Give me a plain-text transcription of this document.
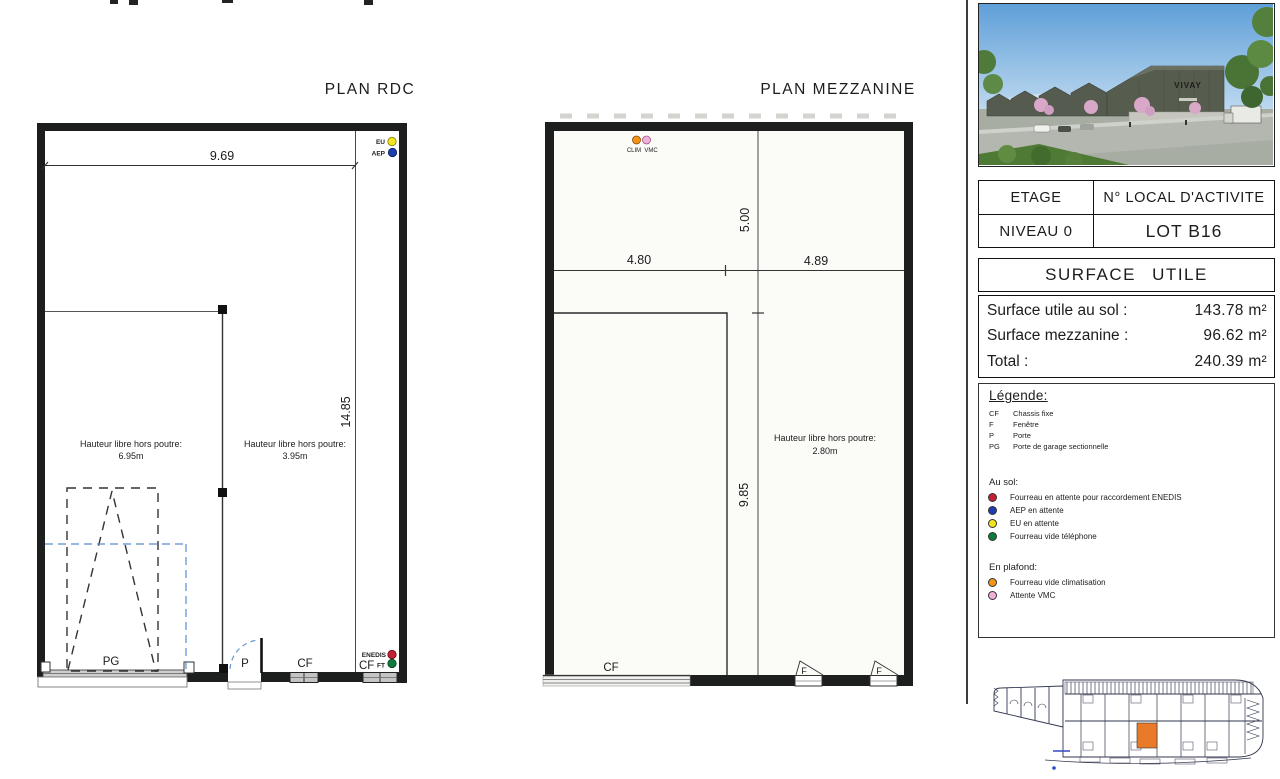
PLAN RDC
9.69
14.85
Hauteur libre hors poutre:
6.95m
Hauteur libre hors poutre:
3.95m
PG	P	CF
EU
AEP
ENEDIS
CF FT
PLAN MEZZANINE
F	F
CF
4.80	4.89
5.00
9.85
Hauteur libre hors poutre:
2.80m
CLIM VMC
VIVAY
ETAGE	N° LOCAL D'ACTIVITE
NIVEAU 0	LOT B16
SURFACE UTILE
Surface utile au sol :	143.78 m²
Surface mezzanine :	96.62 m²
Total :	240.39 m²
Légende:
CF	Chassis fixe
F	Fenêtre
P	Porte
PG	Porte de garage sectionnelle
Au sol:
Fourreau en attente pour raccordement ENEDIS
AEP en attente
EU en attente
Fourreau vide téléphone
En plafond:
Fourreau vide climatisation
Attente VMC
